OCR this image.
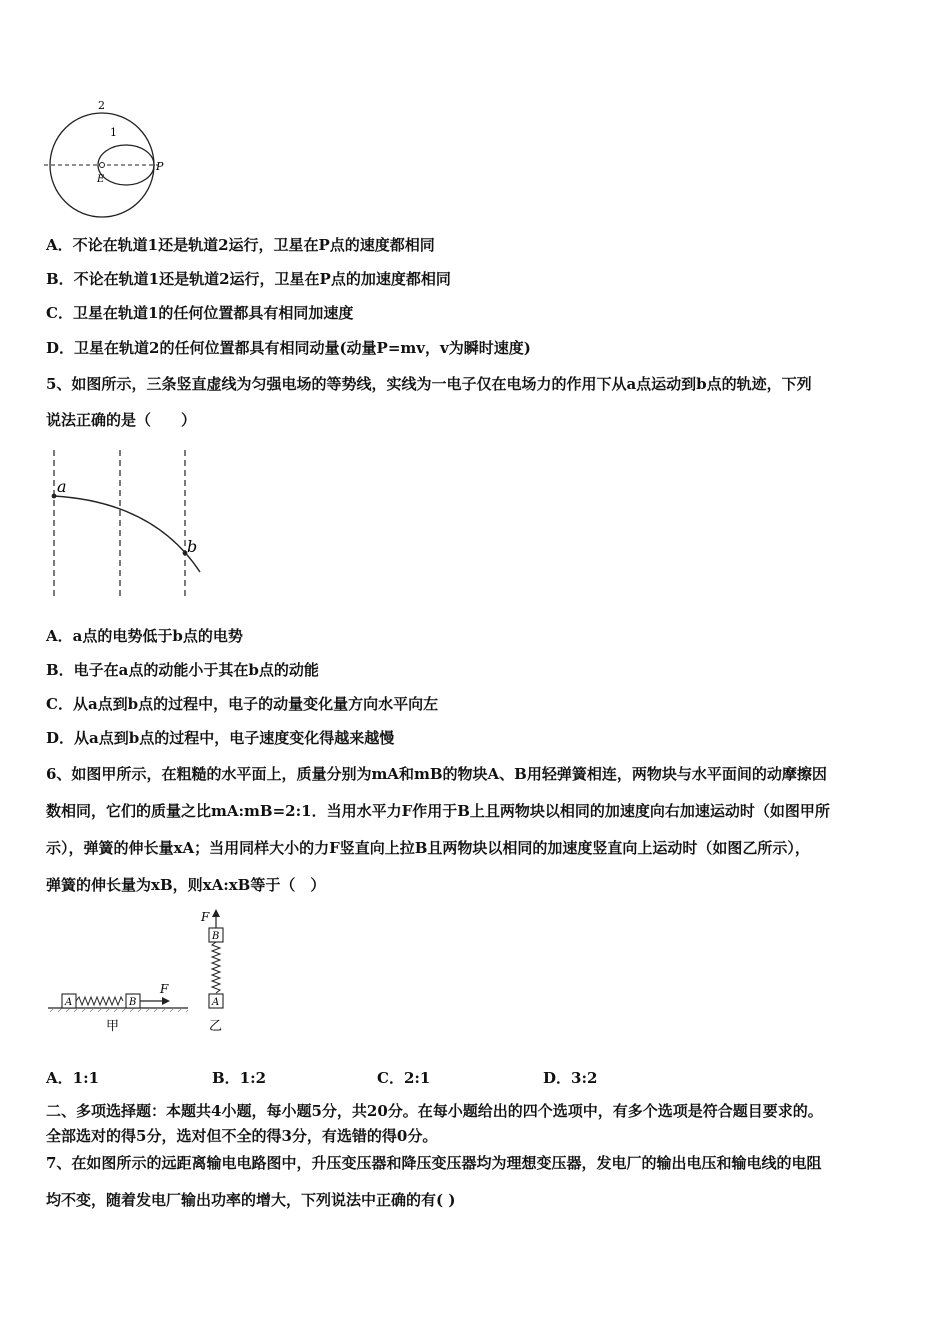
2
1
P
E
A．不论在轨道1还是轨道2运行，卫星在P点的速度都相同
B．不论在轨道1还是轨道2运行，卫星在P点的加速度都相同
C．卫星在轨道1的任何位置都具有相同加速度
D．卫星在轨道2的任何位置都具有相同动量(动量P=mv，v为瞬时速度)
5、如图所示，三条竖直虚线为匀强电场的等势线，实线为一电子仅在电场力的作用下从a点运动到b点的轨迹，下列
说法正确的是（　　）
a
b
A．a点的电势低于b点的电势
B．电子在a点的动能小于其在b点的动能
C．从a点到b点的过程中，电子的动量变化量方向水平向左
D．从a点到b点的过程中，电子速度变化得越来越慢
6、如图甲所示，在粗糙的水平面上，质量分别为mA和mB的物块A、B用轻弹簧相连，两物块与水平面间的动摩擦因
数相同，它们的质量之比mA:mB=2:1．当用水平力F作用于B上且两物块以相同的加速度向右加速运动时（如图甲所
示），弹簧的伸长量xA；当用同样大小的力F竖直向上拉B且两物块以相同的加速度竖直向上运动时（如图乙所示），
弹簧的伸长量为xB，则xA:xB等于（　）
A	B
F
甲
F
B
A
乙
A．1:1	B．1:2	C．2:1	D．3:2
二、多项选择题：本题共4小题，每小题5分，共20分。在每小题给出的四个选项中，有多个选项是符合题目要求的。
全部选对的得5分，选对但不全的得3分，有选错的得0分。
7、在如图所示的远距离输电电路图中，升压变压器和降压变压器均为理想变压器，发电厂的输出电压和输电线的电阻
均不变，随着发电厂输出功率的增大，下列说法中正确的有( )
